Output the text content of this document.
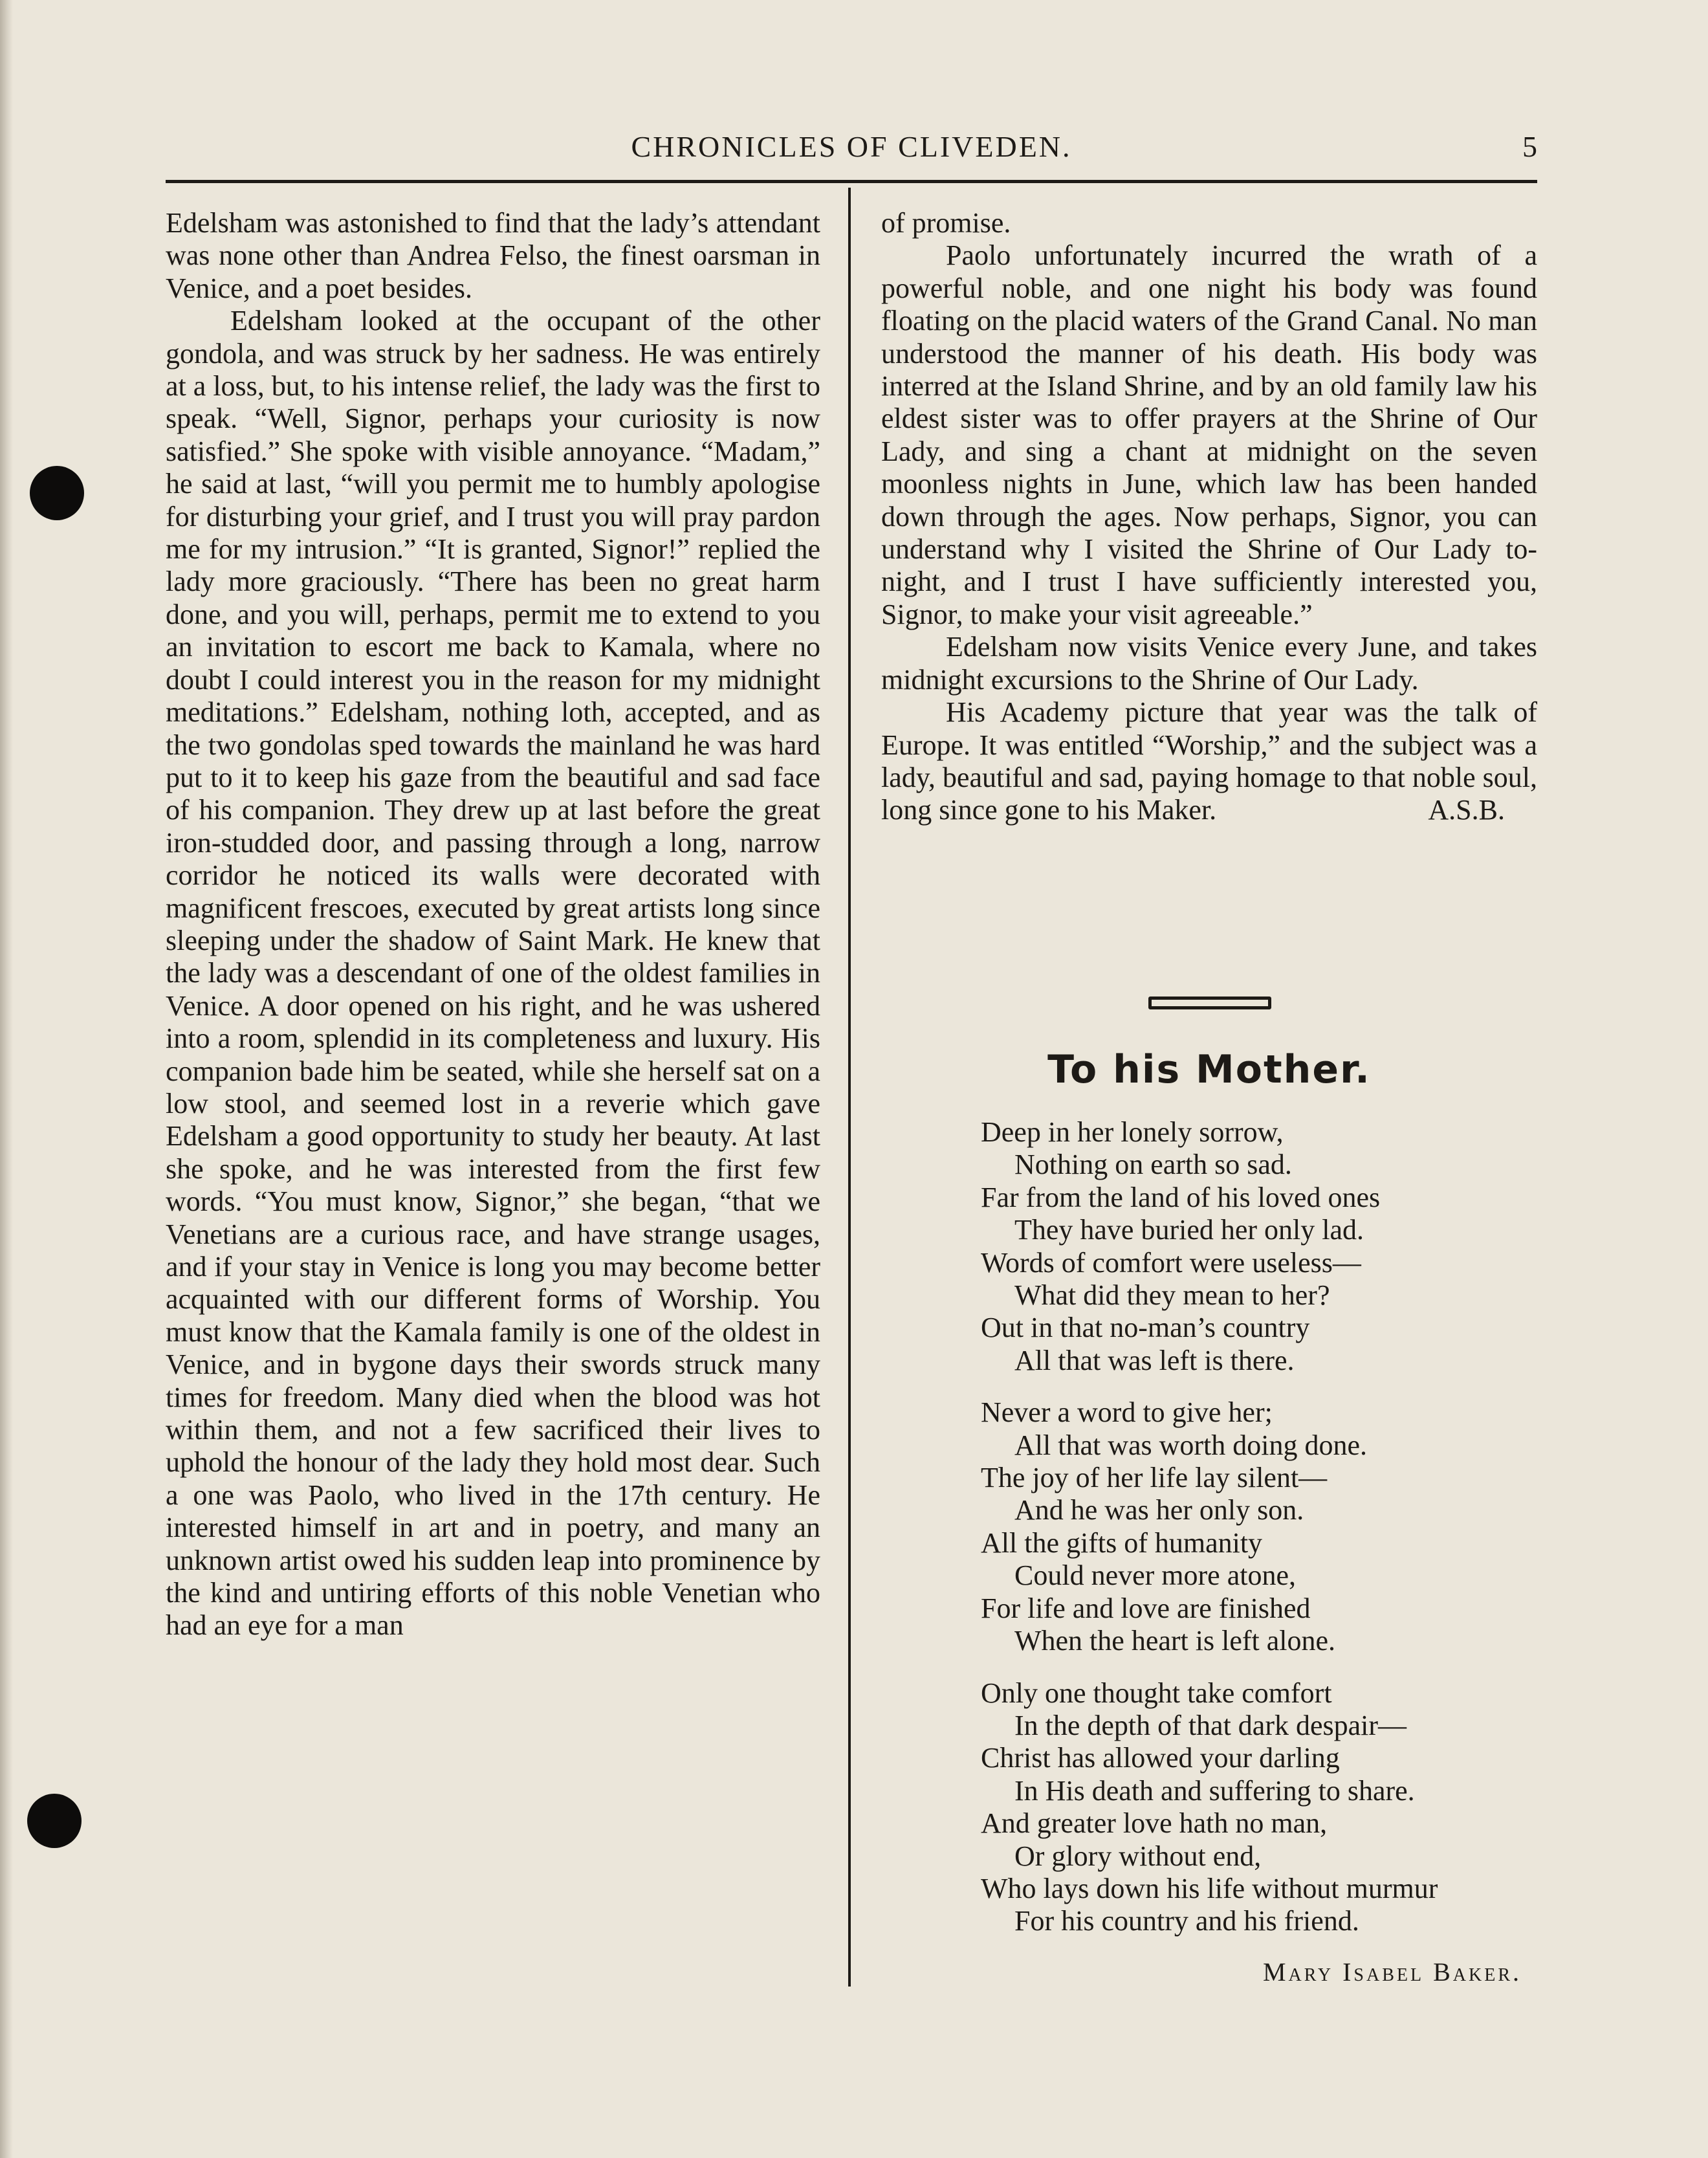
CHRONICLES OF CLIVEDEN.	5

Edelsham was astonished to find that the lady’s attendant was none other than Andrea Felso, the finest oarsman in Venice, and a poet besides.

Edelsham looked at the occupant of the other gondola, and was struck by her sadness. He was entirely at a loss, but, to his intense relief, the lady was the first to speak. “Well, Signor, perhaps your curiosity is now satisfied.” She spoke with visible annoyance. “Madam,” he said at last, “will you permit me to humbly apologise for disturbing your grief, and I trust you will pray pardon me for my intrusion.” “It is granted, Signor!” replied the lady more graciously. “There has been no great harm done, and you will, perhaps, permit me to extend to you an invitation to escort me back to Kamala, where no doubt I could interest you in the reason for my midnight meditations.” Edelsham, nothing loth, accepted, and as the two gondolas sped towards the mainland he was hard put to it to keep his gaze from the beautiful and sad face of his companion. They drew up at last before the great iron-studded door, and passing through a long, narrow corridor he noticed its walls were decorated with magnificent frescoes, executed by great artists long since sleeping under the shadow of Saint Mark. He knew that the lady was a descendant of one of the oldest families in Venice. A door opened on his right, and he was ushered into a room, splendid in its completeness and luxury. His companion bade him be seated, while she herself sat on a low stool, and seemed lost in a reverie which gave Edelsham a good opportunity to study her beauty. At last she spoke, and he was interested from the first few words. “You must know, Signor,” she began, “that we Venetians are a curious race, and have strange usages, and if your stay in Venice is long you may become better acquainted with our different forms of Worship. You must know that the Kamala family is one of the oldest in Venice, and in bygone days their swords struck many times for freedom. Many died when the blood was hot within them, and not a few sacrificed their lives to uphold the honour of the lady they hold most dear. Such a one was Paolo, who lived in the 17th century. He interested himself in art and in poetry, and many an unknown artist owed his sudden leap into prominence by the kind and untiring efforts of this noble Venetian who had an eye for a man

of promise.

Paolo unfortunately incurred the wrath of a powerful noble, and one night his body was found floating on the placid waters of the Grand Canal. No man understood the manner of his death. His body was interred at the Island Shrine, and by an old family law his eldest sister was to offer prayers at the Shrine of Our Lady, and sing a chant at midnight on the seven moonless nights in June, which law has been handed down through the ages. Now perhaps, Signor, you can understand why I visited the Shrine of Our Lady to-night, and I trust I have sufficiently interested you, Signor, to make your visit agreeable.”

Edelsham now visits Venice every June, and takes midnight excursions to the Shrine of Our Lady.

His Academy picture that year was the talk of Europe. It was entitled “Worship,” and the subject was a lady, beautiful and sad, paying homage to that noble soul, long since gone to his Maker.	A.S.B.

To his Mother.
Deep in her lonely sorrow,
Nothing on earth so sad.
Far from the land of his loved ones
They have buried her only lad.
Words of comfort were useless—
What did they mean to her?
Out in that no-man’s country
All that was left is there.
Never a word to give her;
All that was worth doing done.
The joy of her life lay silent—
And he was her only son.
All the gifts of humanity
Could never more atone,
For life and love are finished
When the heart is left alone.
Only one thought take comfort
In the depth of that dark despair—
Christ has allowed your darling
In His death and suffering to share.
And greater love hath no man,
Or glory without end,
Who lays down his life without murmur
For his country and his friend.
Mary Isabel Baker.
